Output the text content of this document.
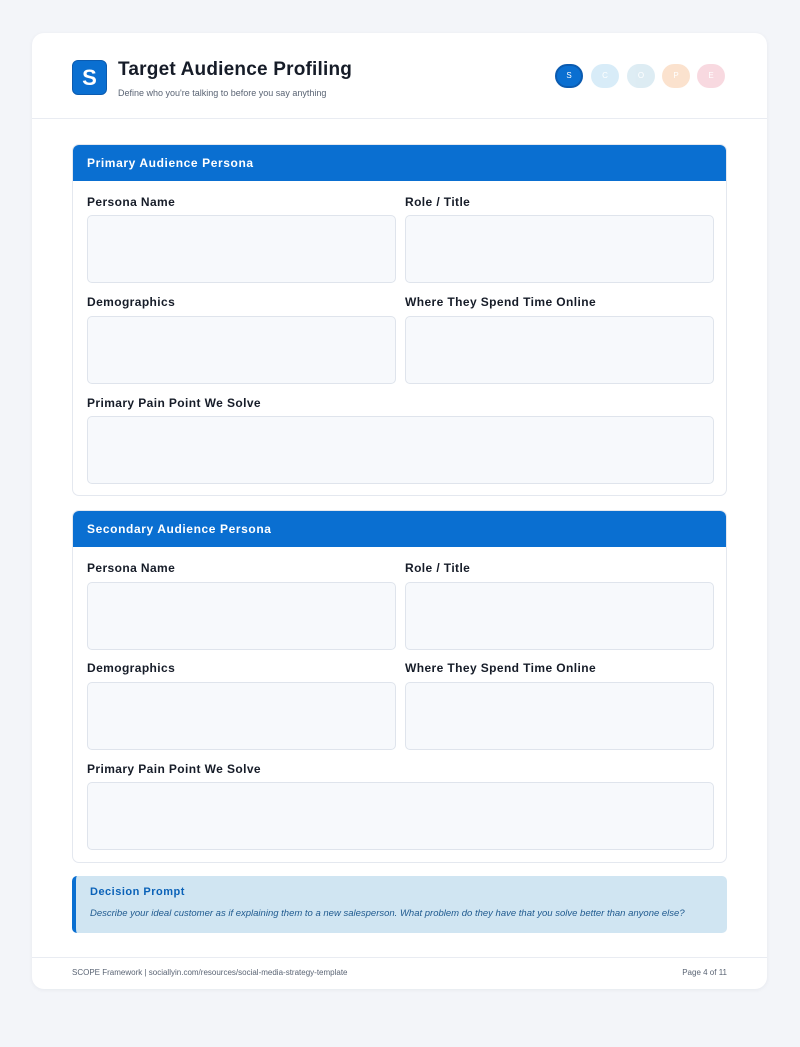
S	Target Audience Profiling
Define who you're talking to before you say anything
S	C	O	P	E
Primary Audience Persona
Persona Name	Role / Title
Demographics	Where They Spend Time Online
Primary Pain Point We Solve
Secondary Audience Persona
Persona Name	Role / Title
Demographics	Where They Spend Time Online
Primary Pain Point We Solve
Decision Prompt
Describe your ideal customer as if explaining them to a new salesperson. What problem do they have that you solve better than anyone else?
SCOPE Framework | sociallyin.com/resources/social-media-strategy-template	Page 4 of 11
